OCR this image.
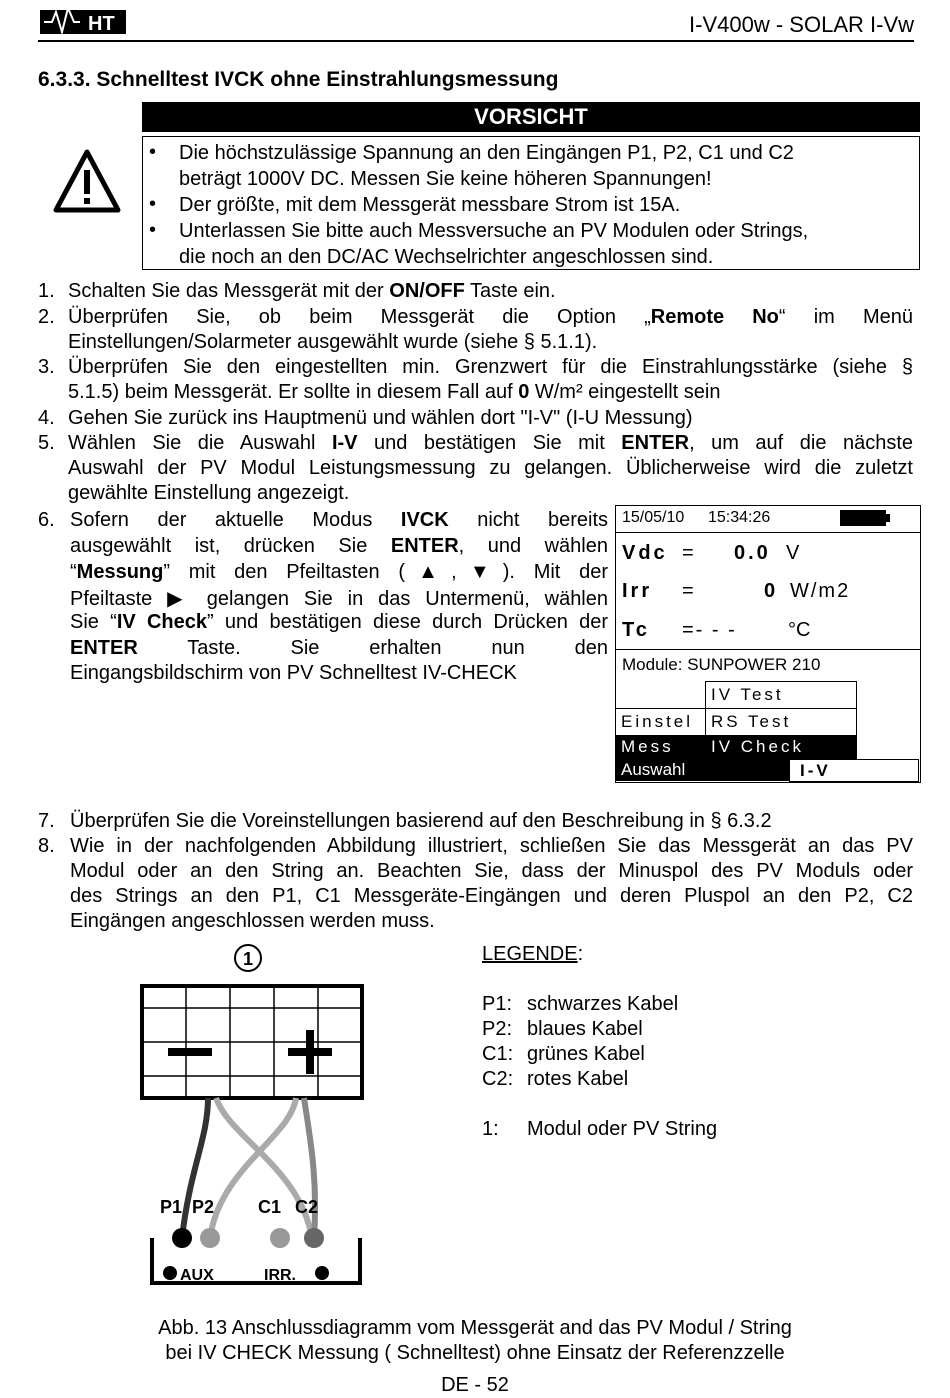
HT	I-V400w - SOLAR I-Vw
6.3.3. Schnelltest IVCK ohne Einstrahlungsmessung
VORSICHT
• Die höchstzulässige Spannung an den Eingängen P1, P2, C1 und C2
beträgt 1000V DC. Messen Sie keine höheren Spannungen!
• Der größte, mit dem Messgerät messbare Strom ist 15A.
• Unterlassen Sie bitte auch Messversuche an PV Modulen oder Strings,
die noch an den DC/AC Wechselrichter angeschlossen sind.
1. Schalten Sie das Messgerät mit der ON/OFF Taste ein.
2. Überprüfen Sie, ob beim Messgerät die Option „Remote No“ im Menü
Einstellungen/Solarmeter ausgewählt wurde (siehe § 5.1.1).
3. Überprüfen Sie den eingestellten min. Grenzwert für die Einstrahlungsstärke (siehe §
5.1.5) beim Messgerät. Er sollte in diesem Fall auf 0 W/m² eingestellt sein
4. Gehen Sie zurück ins Hauptmenü und wählen dort "I-V" (I-U Messung)
5. Wählen Sie die Auswahl I-V und bestätigen Sie mit ENTER, um auf die nächste
Auswahl der PV Modul Leistungsmessung zu gelangen. Üblicherweise wird die zuletzt
gewählte Einstellung angezeigt.
6. Sofern der aktuelle Modus IVCK nicht bereits
ausgewählt ist, drücken Sie ENTER, und wählen
“Messung” mit den Pfeiltasten (▲,▼). Mit der
Pfeiltaste ▶ gelangen Sie in das Untermenü, wählen
Sie “IV Check” und bestätigen diese durch Drücken der
ENTER Taste. Sie erhalten nun den
Eingangsbildschirm von PV Schnelltest IV-CHECK
15/05/10 15:34:26
Vdc = 0.0 V
Irr =	0 W/m2
Tc =- - -	°C
Module: SUNPOWER 210
IV Test
Einstel	RS Test
Mess	IV Check
Auswahl	I-V
7. Überprüfen Sie die Voreinstellungen basierend auf den Beschreibung in § 6.3.2
8. Wie in der nachfolgenden Abbildung illustriert, schließen Sie das Messgerät an das PV
Modul oder an den String an. Beachten Sie, dass der Minuspol des PV Moduls oder
des Strings an den P1, C1 Messgeräte-Eingängen und deren Pluspol an den P2, C2
Eingängen angeschlossen werden muss.
1
P1 P2 C1 C2
AUX	IRR.
LEGENDE:
P1: schwarzes Kabel
P2: blaues Kabel
C1: grünes Kabel
C2: rotes Kabel
1: Modul oder PV String
Abb. 13 Anschlussdiagramm vom Messgerät and das PV Modul / String
bei IV CHECK Messung ( Schnelltest) ohne Einsatz der Referenzzelle
DE - 52
